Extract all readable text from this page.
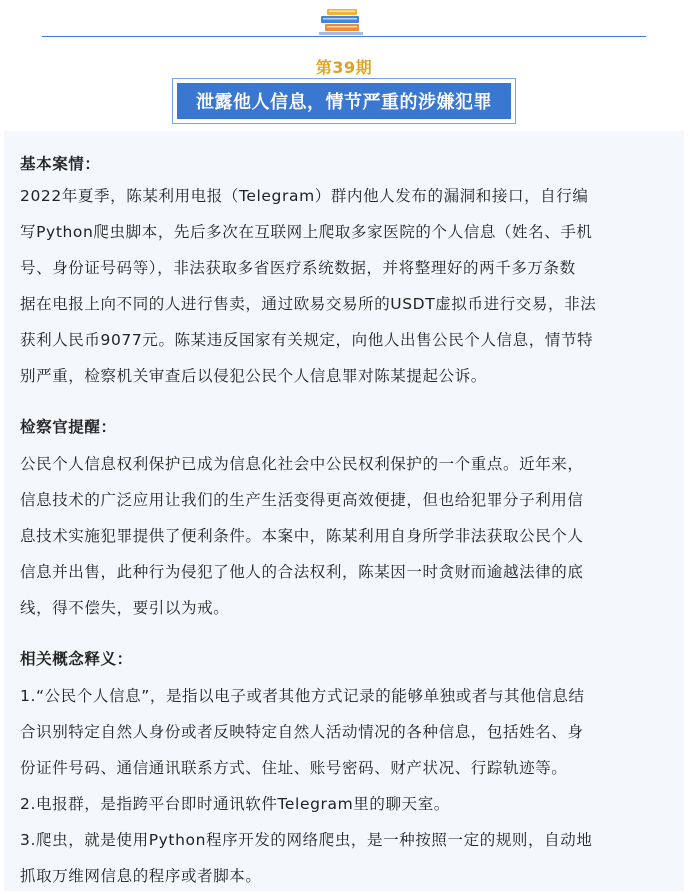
第39期
泄露他人信息，情节严重的涉嫌犯罪
基本案情：
2022年夏季，陈某利用电报（Telegram）群内他人发布的漏洞和接口，自行编
写Python爬虫脚本，先后多次在互联网上爬取多家医院的个人信息（姓名、手机
号、身份证号码等），非法获取多省医疗系统数据，并将整理好的两千多万条数
据在电报上向不同的人进行售卖，通过欧易交易所的USDT虚拟币进行交易，非法
获利人民币9077元。陈某违反国家有关规定，向他人出售公民个人信息，情节特
别严重，检察机关审查后以侵犯公民个人信息罪对陈某提起公诉。
检察官提醒：
公民个人信息权利保护已成为信息化社会中公民权利保护的一个重点。近年来，
信息技术的广泛应用让我们的生产生活变得更高效便捷，但也给犯罪分子利用信
息技术实施犯罪提供了便利条件。本案中，陈某利用自身所学非法获取公民个人
信息并出售，此种行为侵犯了他人的合法权利，陈某因一时贪财而逾越法律的底
线，得不偿失，要引以为戒。
相关概念释义：
1.“公民个人信息”，是指以电子或者其他方式记录的能够单独或者与其他信息结
合识别特定自然人身份或者反映特定自然人活动情况的各种信息，包括姓名、身
份证件号码、通信通讯联系方式、住址、账号密码、财产状况、行踪轨迹等。
2.电报群，是指跨平台即时通讯软件Telegram里的聊天室。
3.爬虫，就是使用Python程序开发的网络爬虫，是一种按照一定的规则，自动地
抓取万维网信息的程序或者脚本。
